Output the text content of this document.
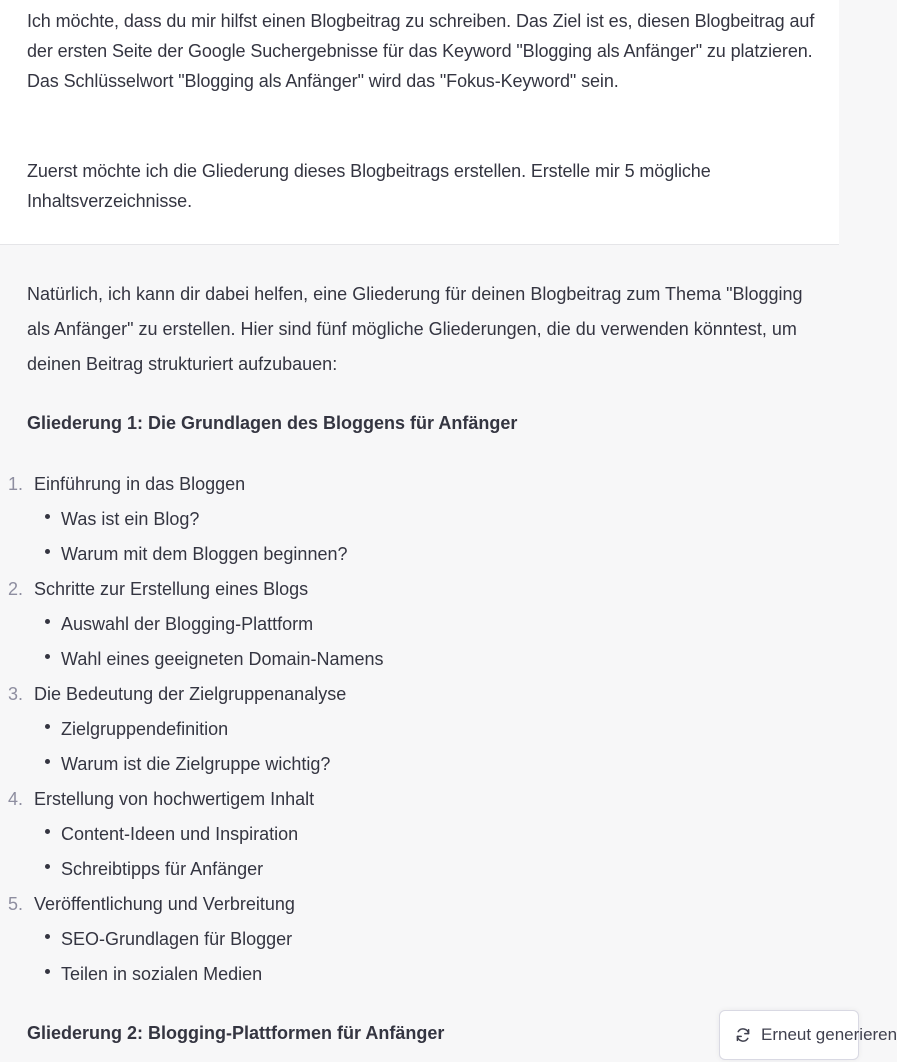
Ich möchte, dass du mir hilfst einen Blogbeitrag zu schreiben. Das Ziel ist es, diesen Blogbeitrag auf der ersten Seite der Google Suchergebnisse für das Keyword "Blogging als Anfänger" zu platzieren. Das Schlüsselwort "Blogging als Anfänger" wird das "Fokus-Keyword" sein.

Zuerst möchte ich die Gliederung dieses Blogbeitrags erstellen. Erstelle mir 5 mögliche Inhaltsverzeichnisse.

Natürlich, ich kann dir dabei helfen, eine Gliederung für deinen Blogbeitrag zum Thema "Blogging als Anfänger" zu erstellen. Hier sind fünf mögliche Gliederungen, die du verwenden könntest, um deinen Beitrag strukturiert aufzubauen:

Gliederung 1: Die Grundlagen des Bloggens für Anfänger
1. Einführung in das Bloggen
Was ist ein Blog?
Warum mit dem Bloggen beginnen?
2. Schritte zur Erstellung eines Blogs
Auswahl der Blogging-Plattform
Wahl eines geeigneten Domain-Namens
3. Die Bedeutung der Zielgruppenanalyse
Zielgruppendefinition
Warum ist die Zielgruppe wichtig?
4. Erstellung von hochwertigem Inhalt
Content-Ideen und Inspiration
Schreibtipps für Anfänger
5. Veröffentlichung und Verbreitung
SEO-Grundlagen für Blogger
Teilen in sozialen Medien
Gliederung 2: Blogging-Plattformen für Anfänger	Erneut generieren
